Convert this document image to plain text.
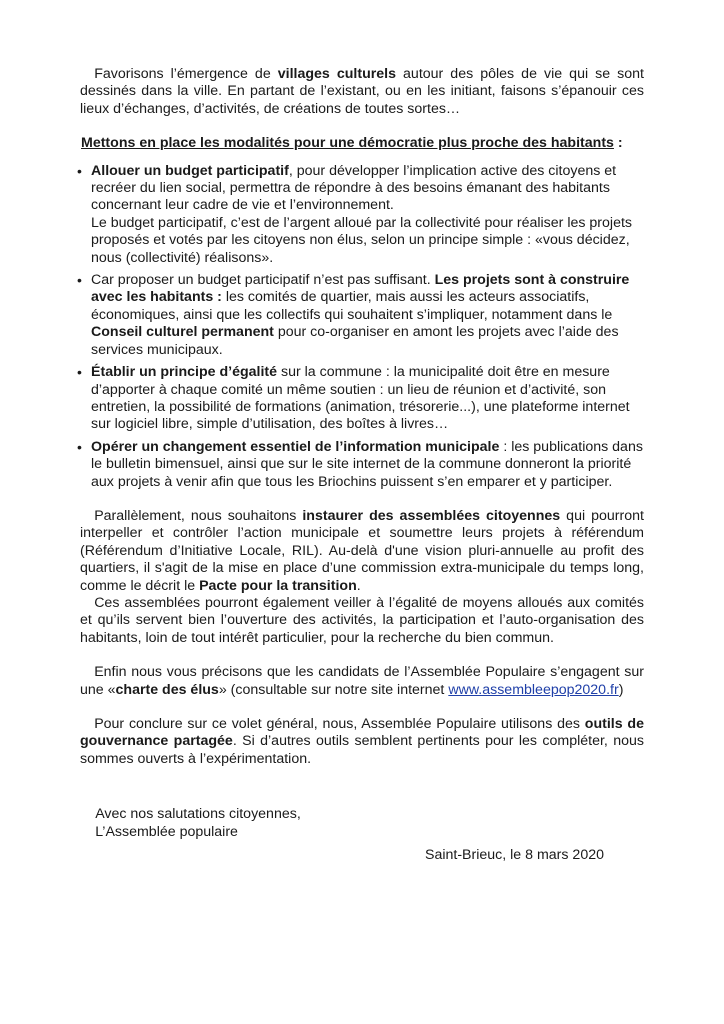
Favorisons l’émergence de villages culturels autour des pôles de vie qui se sont dessinés dans la ville. En partant de l’existant, ou en les initiant, faisons s’épanouir ces lieux d’échanges, d’activités, de créations de toutes sortes…

Mettons en place les modalités pour une démocratie plus proche des habitants :

• Allouer un budget participatif, pour développer l’implication active des citoyens et recréer du lien social, permettra de répondre à des besoins émanant des habitants concernant leur cadre de vie et l’environnement.
Le budget participatif, c’est de l’argent alloué par la collectivité pour réaliser les projets proposés et votés par les citoyens non élus, selon un principe simple : «vous décidez, nous (collectivité) réalisons».
• Car proposer un budget participatif n’est pas suffisant. Les projets sont à construire avec les habitants : les comités de quartier, mais aussi les acteurs associatifs, économiques, ainsi que les collectifs qui souhaitent s’impliquer, notamment dans le Conseil culturel permanent pour co-organiser en amont les projets avec l’aide des services municipaux.
• Établir un principe d’égalité sur la commune : la municipalité doit être en mesure d’apporter à chaque comité un même soutien : un lieu de réunion et d’activité, son entretien, la possibilité de formations (animation, trésorerie...), une plateforme internet sur logiciel libre, simple d’utilisation, des boîtes à livres…
• Opérer un changement essentiel de l’information municipale : les publications dans le bulletin bimensuel, ainsi que sur le site internet de la commune donneront la priorité aux projets à venir afin que tous les Briochins puissent s’en emparer et y participer.

Parallèlement, nous souhaitons instaurer des assemblées citoyennes qui pourront interpeller et contrôler l’action municipale et soumettre leurs projets à référendum (Référendum d’Initiative Locale, RIL). Au-delà d'une vision pluri-annuelle au profit des quartiers, il s'agit de la mise en place d’une commission extra-municipale du temps long, comme le décrit le Pacte pour la transition.

Ces assemblées pourront également veiller à l’égalité de moyens alloués aux comités et qu’ils servent bien l’ouverture des activités, la participation et l’auto-organisation des habitants, loin de tout intérêt particulier, pour la recherche du bien commun.

Enfin nous vous précisons que les candidats de l’Assemblée Populaire s’engagent sur une «charte des élus» (consultable sur notre site internet www.assembleepop2020.fr)

Pour conclure sur ce volet général, nous, Assemblée Populaire utilisons des outils de gouvernance partagée. Si d’autres outils semblent pertinents pour les compléter, nous sommes ouverts à l’expérimentation.

Avec nos salutations citoyennes,

L’Assemblée populaire

Saint-Brieuc, le 8 mars 2020
